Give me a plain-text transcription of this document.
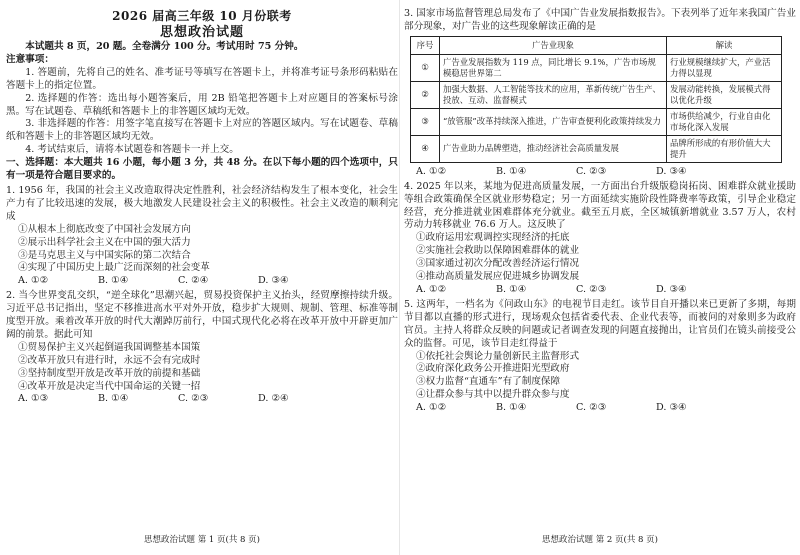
2026 届高三年级 10 月份联考
思想政治试题

本试题共 8 页，20 题。全卷满分 100 分。考试用时 75 分钟。

注意事项：

1. 答题前，先将自己的姓名、准考证号等填写在答题卡上，并将准考证号条形码粘贴在答题卡上的指定位置。

2. 选择题的作答：选出每小题答案后，用 2B 铅笔把答题卡上对应题目的答案标号涂黑。写在试题卷、草稿纸和答题卡上的非答题区域均无效。

3. 非选择题的作答：用签字笔直接写在答题卡上对应的答题区域内。写在试题卷、草稿纸和答题卡上的非答题区域均无效。

4. 考试结束后，请将本试题卷和答题卡一并上交。

一、选择题：本大题共 16 小题，每小题 3 分，共 48 分。在以下每小题的四个选项中，只有一项是符合题目要求的。

1. 1956 年，我国的社会主义改造取得决定性胜利，社会经济结构发生了根本变化，社会生产力有了比较迅速的发展，极大地激发人民建设社会主义的积极性。社会主义改造的顺利完成

①从根本上彻底改变了中国社会发展方向

②展示出科学社会主义在中国的强大活力

③是马克思主义与中国实际的第二次结合

④实现了中国历史上最广泛而深刻的社会变革

A. ①②	B. ①④	C. ②④	D. ③④

2. 当今世界变乱交织，“逆全球化”思潮兴起，贸易投资保护主义抬头，经贸摩擦持续升级。习近平总书记指出，坚定不移推进高水平对外开放，稳步扩大规则、规制、管理、标准等制度型开放。乘着改革开放的时代大潮踔厉前行，中国式现代化必将在改革开放中开辟更加广阔的前景。据此可知

①贸易保护主义兴起倒逼我国调整基本国策

②改革开放只有进行时，永远不会有完成时

③坚持制度型开放是改革开放的前提和基础

④改革开放是决定当代中国命运的关键一招

A. ①③	B. ①④	C. ②③	D. ②④
思想政治试题 第 1 页(共 8 页)

3. 国家市场监督管理总局发布了《中国广告业发展指数报告》。下表列举了近年来我国广告业部分现象，对广告业的这些现象解读正确的是

序号	广告业现象	解读
①	广告业发展指数为 119 点，同比增长 9.1%，广告市场规模稳居世界第二	行业规模继续扩大，产业活力得以显现
②	加强大数据、人工智能等技术的应用，革新传统广告生产、投放、互动、监督模式	发展动能转换，发展模式得以优化升级
③	“放管服”改革持续深入推进，广告审查便利化政策持续发力	市场供给减少，行业自由化市场化深入发展
④	广告业助力品牌塑造，推动经济社会高质量发展	品牌所形成的有形价值大大提升
A. ①②	B. ①④	C. ②③	D. ③④

4. 2025 年以来，某地为促进高质量发展，一方面出台升级版稳岗拓岗、困难群众就业援助等组合政策确保全区就业形势稳定；另一方面延续实施阶段性降费率等政策，引导企业稳定经营，充分推进就业困难群体充分就业。截至五月底，全区城镇新增就业 3.57 万人，农村劳动力转移就业 76.6 万人。这反映了

①政府运用宏观调控实现经济的托底

②实施社会救助以保障困难群体的就业

③国家通过初次分配改善经济运行情况

④推动高质量发展应促进城乡协调发展

A. ①②	B. ①④	C. ②③	D. ③④

5. 这两年，一档名为《问政山东》的电视节目走红。该节目自开播以来已更新了多期，每期节目都以直播的形式进行，现场观众包括省委代表、企业代表等，而被问的对象则多为政府官员。主持人将群众反映的问题或记者调查发现的问题直接抛出，让官员们在镜头前接受公众的监督。可见，该节目走红得益于

①依托社会舆论力量创新民主监督形式

②政府深化政务公开推进阳光型政府

③权力监督“直通车”有了制度保障

④让群众参与其中以提升群众参与度

A. ①②	B. ①④	C. ②③	D. ③④
思想政治试题 第 2 页(共 8 页)
